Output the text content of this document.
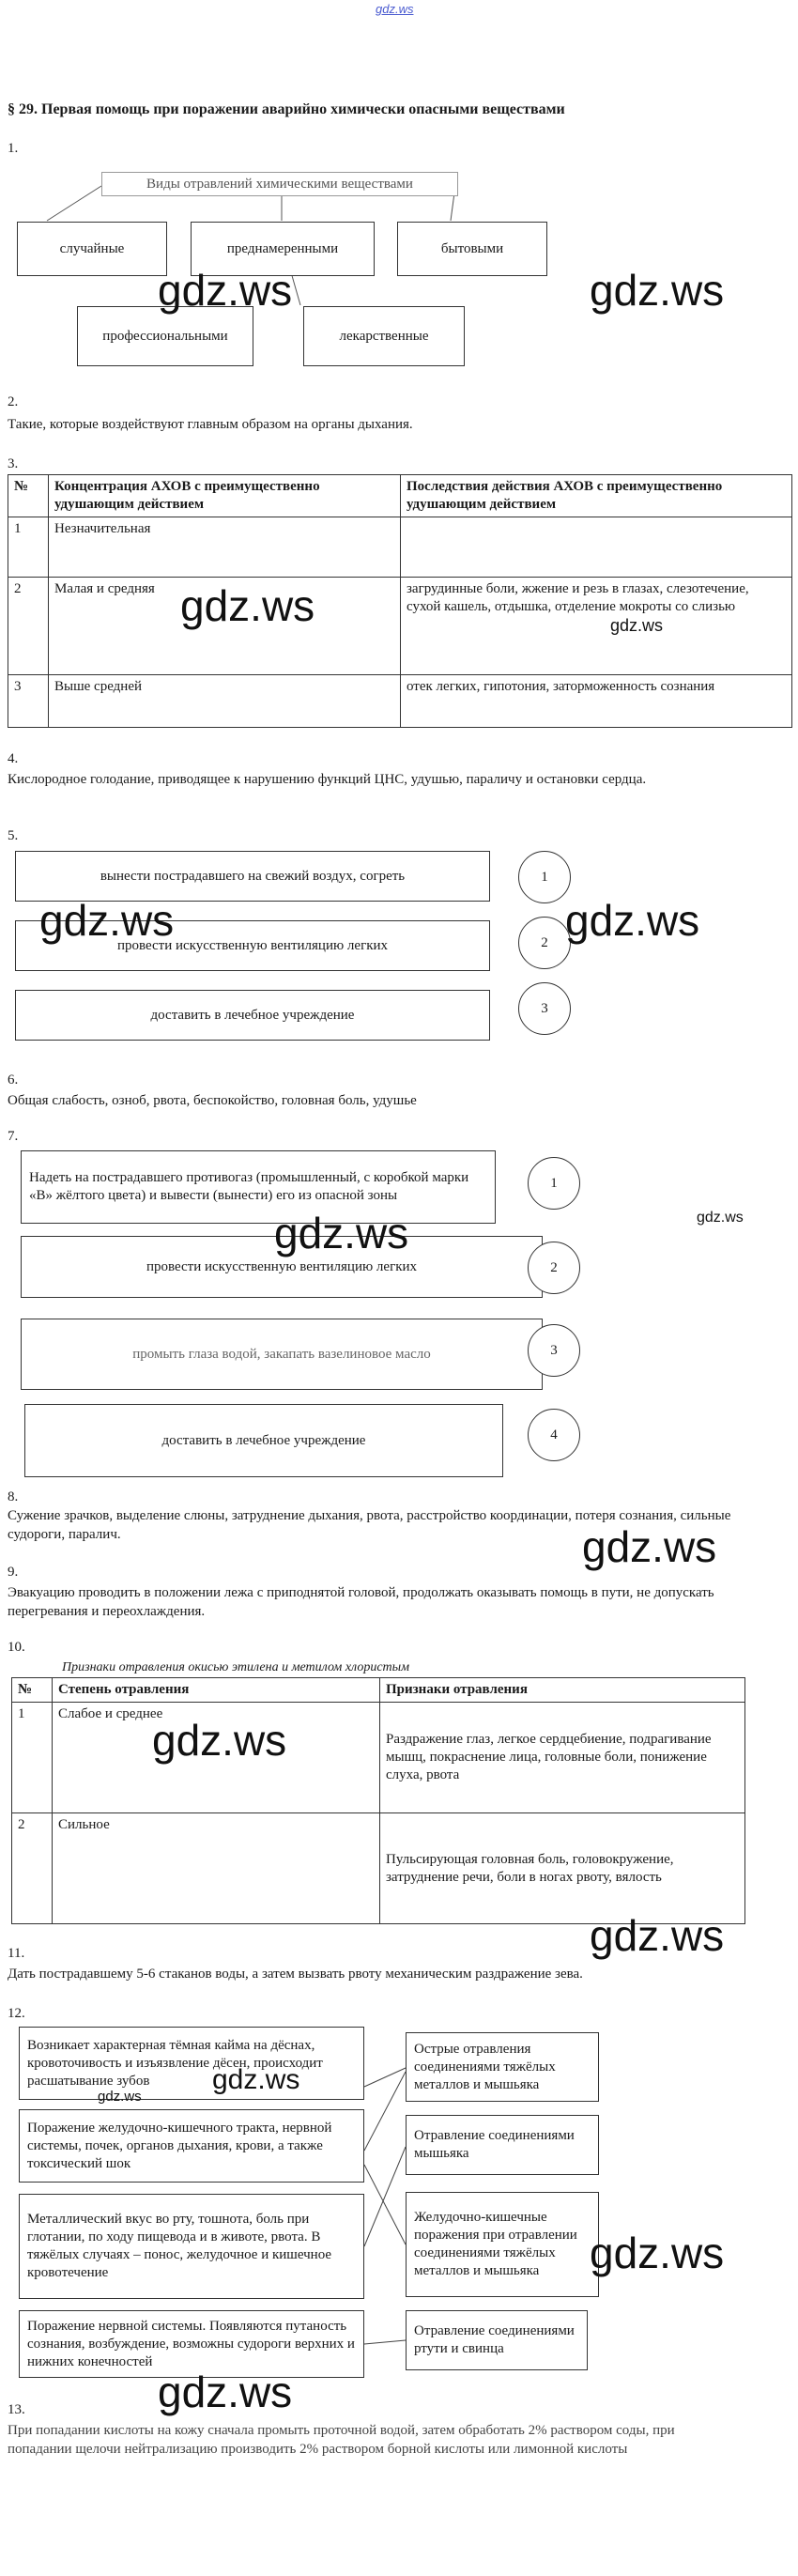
gdz.ws
§ 29. Первая помощь при поражении аварийно химически опасными веществами
1.
Виды отравлений химическими веществами
случайные	преднамеренными	бытовыми
профессиональными	лекарственные
gdz.ws	gdz.ws
2.
Такие, которые воздействуют главным образом на органы дыхания.
3.
№	Концентрация АХОВ с преимущественно удушающим действием	Последствия действия АХОВ с преимущественно удушающим действием
1	Незначительная	
2	Малая и средняя	загрудинные боли, жжение и резь в глазах, слезотечение, сухой кашель, отдышка, отделение мокроты со слизью
3	Выше средней	отек легких, гипотония, заторможенность сознания
gdz.ws	gdz.ws
4.
Кислородное голодание, приводящее к нарушению функций ЦНС, удушью, параличу и остановки сердца.
5.
вынести пострадавшего на свежий воздух, согреть
провести искусственную вентиляцию легких
доставить в лечебное учреждение
1
2
3
gdz.ws	gdz.ws
6.
Общая слабость, озноб, рвота, беспокойство, головная боль, удушье
7.
Надеть на пострадавшего противогаз (промышленный, с коробкой марки «В» жёлтого цвета) и вывести (вынести) его из опасной зоны
провести искусственную вентиляцию легких
промыть глаза водой, закапать вазелиновое масло
доставить в лечебное учреждение
1
2
3
4
gdz.ws	gdz.ws
8.
Сужение зрачков, выделение слюны, затруднение дыхания, рвота, расстройство координации, потеря сознания, сильные судороги, паралич.	gdz.ws
9.
Эвакуацию проводить в положении лежа с приподнятой головой, продолжать оказывать помощь в пути, не допускать перегревания и переохлаждения.
10.
Признаки отравления окисью этилена и метилом хлористым
№	Степень отравления	Признаки отравления
1	Слабое и среднее	Раздражение глаз, легкое сердцебиение, подрагивание мышц, покраснение лица, головные боли, понижение слуха, рвота
2	Сильное	Пульсирующая головная боль, головокружение, затруднение речи, боли в ногах рвоту, вялость
gdz.ws
gdz.ws
11.
Дать пострадавшему 5-6 стаканов воды, а затем вызвать рвоту механическим раздражение зева.
12.
Возникает характерная тёмная кайма на дёснах, кровоточивость и изъязвление дёсен, происходит расшатывание зубов
Поражение желудочно-кишечного тракта, нервной системы, почек, органов дыхания, крови, а также токсический шок
Металлический вкус во рту, тошнота, боль при глотании, по ходу пищевода и в животе, рвота. В тяжёлых случаях – понос, желудочное и кишечное кровотечение
Поражение нервной системы. Появляются путаность сознания, возбуждение, возможны судороги верхних и нижних конечностей
Острые отравления соединениями тяжёлых металлов и мышьяка
Отравление соединениями мышьяка
Желудочно-кишечные поражения при отравлении соединениями тяжёлых металлов и мышьяка
Отравление соединениями ртути и свинца
gdz.ws
gdz.ws
gdz.ws
gdz.ws
13.
При попадании кислоты на кожу сначала промыть проточной водой, затем обработать 2% раствором соды, при попадании щелочи нейтрализацию производить 2% раствором борной кислоты или лимонной кислоты
